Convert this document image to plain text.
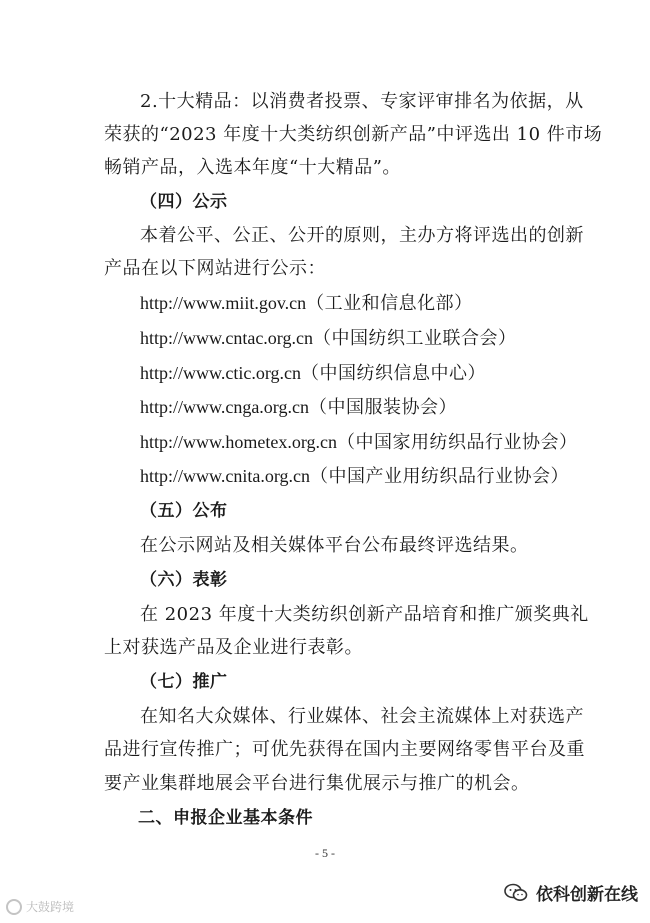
2.十大精品：以消费者投票、专家评审排名为依据，从
荣获的“2023 年度十大类纺织创新产品”中评选出 10 件市场
畅销产品，入选本年度“十大精品”。
（四）公示
本着公平、公正、公开的原则，主办方将评选出的创新
产品在以下网站进行公示：
http://www.miit.gov.cn（工业和信息化部）
http://www.cntac.org.cn（中国纺织工业联合会）
http://www.ctic.org.cn（中国纺织信息中心）
http://www.cnga.org.cn（中国服装协会）
http://www.hometex.org.cn（中国家用纺织品行业协会）
http://www.cnita.org.cn（中国产业用纺织品行业协会）
（五）公布
在公示网站及相关媒体平台公布最终评选结果。
（六）表彰
在 2023 年度十大类纺织创新产品培育和推广颁奖典礼
上对获选产品及企业进行表彰。
（七）推广
在知名大众媒体、行业媒体、社会主流媒体上对获选产
品进行宣传推广；可优先获得在国内主要网络零售平台及重
要产业集群地展会平台进行集优展示与推广的机会。
二、申报企业基本条件
- 5 -
大鼓跨境
依科创新在线
